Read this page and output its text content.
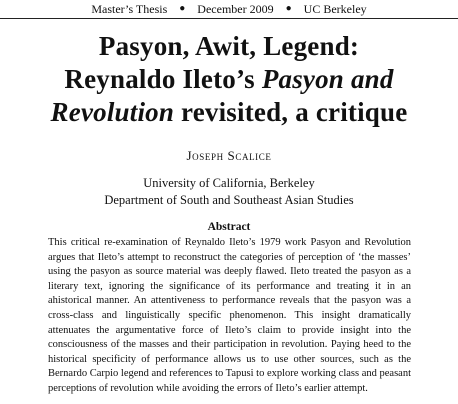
Master’s Thesis ● December 2009 ● UC Berkeley
Pasyon, Awit, Legend:
Reynaldo Ileto’s Pasyon and
Revolution revisited, a critique
Joseph Scalice
University of California, Berkeley
Department of South and Southeast Asian Studies
Abstract

This critical re-examination of Reynaldo Ileto’s 1979 work Pasyon and Revolution argues that Ileto’s attempt to reconstruct the categories of perception of ‘the masses’ using the pasyon as source material was deeply flawed. Ileto treated the pasyon as a literary text, ignoring the significance of its performance and treating it in an ahistorical manner. An attentiveness to performance reveals that the pasyon was a cross-class and linguistically specific phenomenon. This insight dramatically attenuates the argumentative force of Ileto’s claim to provide insight into the consciousness of the masses and their participation in revolution. Paying heed to the historical specificity of performance allows us to use other sources, such as the Bernardo Carpio legend and references to Tapusi to explore working class and peasant perceptions of revolution while avoiding the errors of Ileto’s earlier attempt.
